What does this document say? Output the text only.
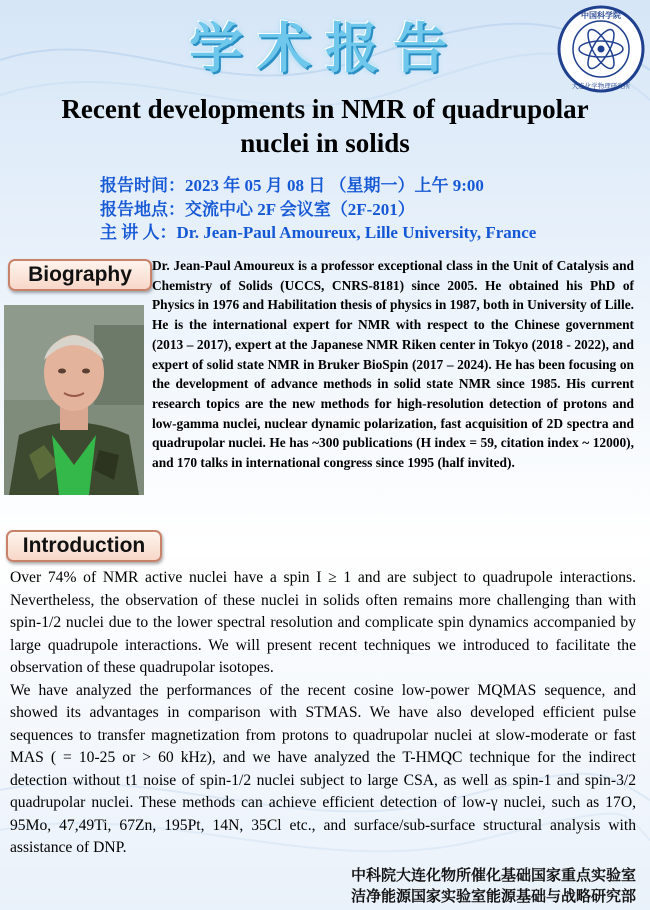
学术报告
中国科学院
大连化学物理研究所
Recent developments in NMR of quadrupolar
nuclei in solids
报告时间：2023 年 05 月 08 日 （星期一）上午 9:00
报告地点：交流中心 2F 会议室（2F-201）
主 讲 人：Dr. Jean-Paul Amoureux, Lille University, France
Biography	Dr. Jean-Paul Amoureux is a professor exceptional class in the Unit of Catalysis and Chemistry of Solids (UCCS, CNRS-8181) since 2005. He obtained his PhD of Physics in 1976 and Habilitation thesis of physics in 1987, both in University of Lille. He is the international expert for NMR with respect to the Chinese government (2013 – 2017), expert at the Japanese NMR Riken center in Tokyo (2018 - 2022), and expert of solid state NMR in Bruker BioSpin (2017 – 2024). He has been focusing on the development of advance methods in solid state NMR since 1985. His current research topics are the new methods for high-resolution detection of protons and low-gamma nuclei, nuclear dynamic polarization, fast acquisition of 2D spectra and quadrupolar nuclei. He has ~300 publications (H index = 59, citation index ~ 12000), and 170 talks in international congress since 1995 (half invited).
Introduction

Over 74% of NMR active nuclei have a spin I ≥ 1 and are subject to quadrupole interactions. Nevertheless, the observation of these nuclei in solids often remains more challenging than with spin-1/2 nuclei due to the lower spectral resolution and complicate spin dynamics accompanied by large quadrupole interactions. We will present recent techniques we introduced to facilitate the observation of these quadrupolar isotopes.

We have analyzed the performances of the recent cosine low-power MQMAS sequence, and showed its advantages in comparison with STMAS. We have also developed efficient pulse sequences to transfer magnetization from protons to quadrupolar nuclei at slow-moderate or fast MAS ( = 10-25 or > 60 kHz), and we have analyzed the T-HMQC technique for the indirect detection without t1 noise of spin-1/2 nuclei subject to large CSA, as well as spin-1 and spin-3/2 quadrupolar nuclei. These methods can achieve efficient detection of low-γ nuclei, such as 17O, 95Mo, 47,49Ti, 67Zn, 195Pt, 14N, 35Cl etc., and surface/sub-surface structural analysis with assistance of DNP.

中科院大连化物所催化基础国家重点实验室
洁净能源国家实验室能源基础与战略研究部
